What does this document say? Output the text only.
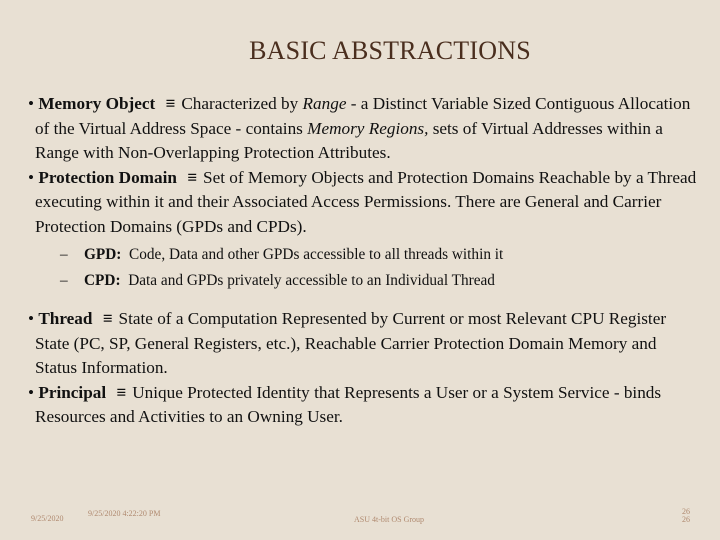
BASIC ABSTRACTIONS
• Memory Object ≡ Characterized by Range - a Distinct Variable Sized Contiguous Allocation of the Virtual Address Space - contains Memory Regions, sets of Virtual Addresses within a Range with Non-Overlapping Protection Attributes.
• Protection Domain ≡ Set of Memory Objects and Protection Domains Reachable by a Thread executing within it and their Associated Access Permissions. There are General and Carrier Protection Domains (GPDs and CPDs).
– GPD: Code, Data and other GPDs accessible to all threads within it
– CPD: Data and GPDs privately accessible to an Individual Thread
• Thread ≡ State of a Computation Represented by Current or most Relevant CPU Register State (PC, SP, General Registers, etc.), Reachable Carrier Protection Domain Memory and Status Information.
• Principal ≡ Unique Protected Identity that Represents a User or a System Service - binds Resources and Activities to an Owning User.
9/25/2020
9/25/2020 4:22:20 PM
ASU 4t-bit OS Group
26
26
